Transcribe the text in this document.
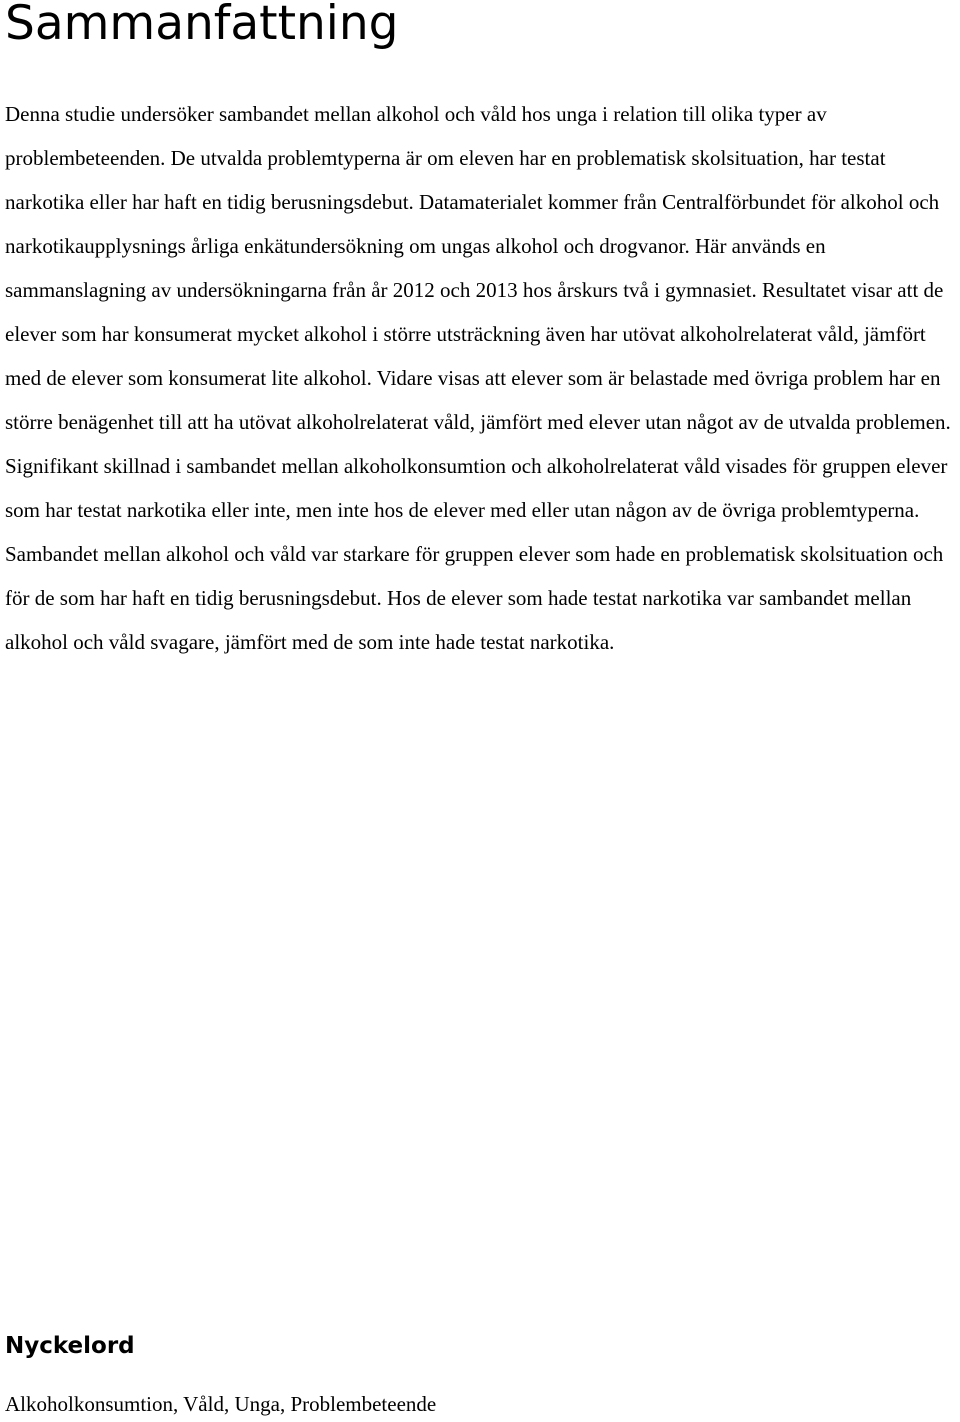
Sammanfattning

Denna studie undersöker sambandet mellan alkohol och våld hos unga i relation till olika typer av problembeteenden. De utvalda problemtyperna är om eleven har en problematisk skolsituation, har testat narkotika eller har haft en tidig berusningsdebut. Datamaterialet kommer från Centralförbundet för alkohol och narkotikaupplysnings årliga enkätundersökning om ungas alkohol och drogvanor. Här används en sammanslagning av undersökningarna från år 2012 och 2013 hos årskurs två i gymnasiet. Resultatet visar att de elever som har konsumerat mycket alkohol i större utsträckning även har utövat alkoholrelaterat våld, jämfört med de elever som konsumerat lite alkohol. Vidare visas att elever som är belastade med övriga problem har en större benägenhet till att ha utövat alkoholrelaterat våld, jämfört med elever utan något av de utvalda problemen. Signifikant skillnad i sambandet mellan alkoholkonsumtion och alkoholrelaterat våld visades för gruppen elever som har testat narkotika eller inte, men inte hos de elever med eller utan någon av de övriga problemtyperna. Sambandet mellan alkohol och våld var starkare för gruppen elever som hade en problematisk skolsituation och för de som har haft en tidig berusningsdebut. Hos de elever som hade testat narkotika var sambandet mellan alkohol och våld svagare, jämfört med de som inte hade testat narkotika.

Nyckelord

Alkoholkonsumtion, Våld, Unga, Problembeteende
